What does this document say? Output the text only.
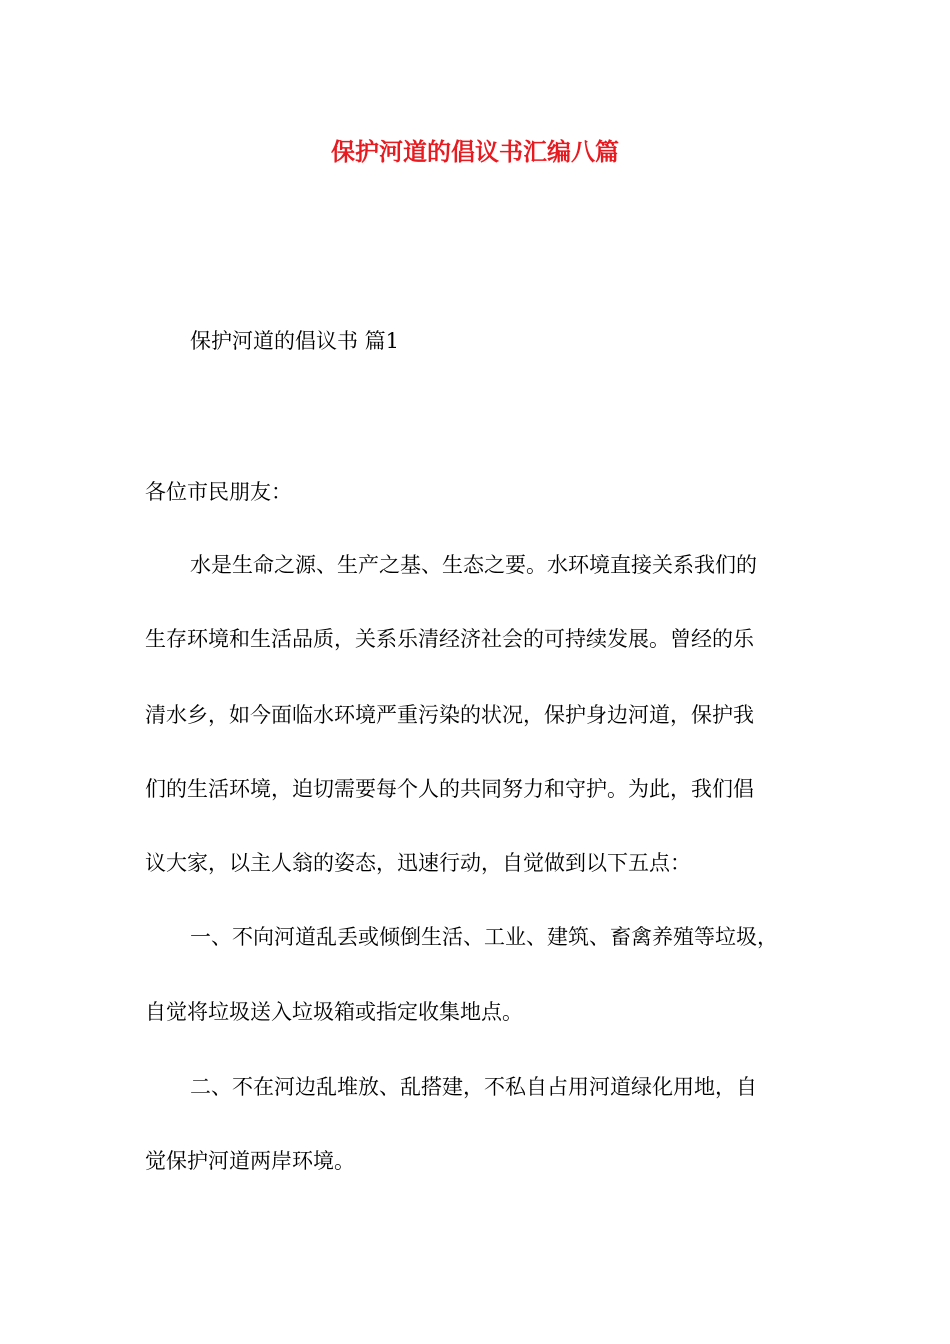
保护河道的倡议书汇编八篇

保护河道的倡议书 篇1

各位市民朋友：

水是生命之源、生产之基、生态之要。水环境直接关系我们的

生存环境和生活品质，关系乐清经济社会的可持续发展。曾经的乐

清水乡，如今面临水环境严重污染的状况，保护身边河道，保护我

们的生活环境，迫切需要每个人的共同努力和守护。为此，我们倡

议大家，以主人翁的姿态，迅速行动，自觉做到以下五点：

一、不向河道乱丢或倾倒生活、工业、建筑、畜禽养殖等垃圾，

自觉将垃圾送入垃圾箱或指定收集地点。

二、不在河边乱堆放、乱搭建，不私自占用河道绿化用地，自

觉保护河道两岸环境。
